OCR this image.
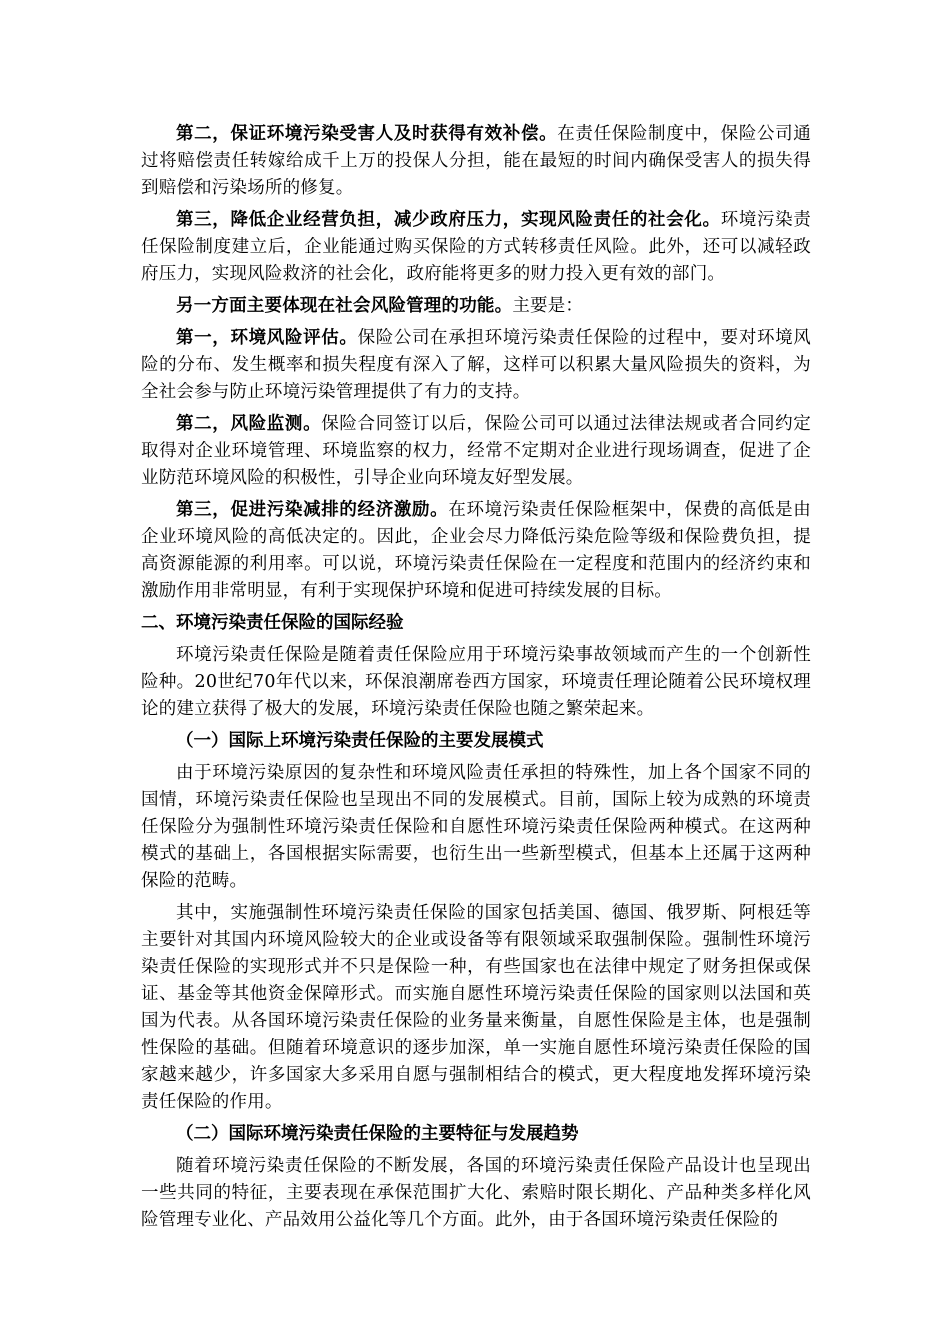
第二，保证环境污染受害人及时获得有效补偿。在责任保险制度中，保险公司通过将赔偿责任转嫁给成千上万的投保人分担，能在最短的时间内确保受害人的损失得到赔偿和污染场所的修复。

第三，降低企业经营负担，减少政府压力，实现风险责任的社会化。环境污染责任保险制度建立后，企业能通过购买保险的方式转移责任风险。此外，还可以减轻政府压力，实现风险救济的社会化，政府能将更多的财力投入更有效的部门。

另一方面主要体现在社会风险管理的功能。主要是：

第一，环境风险评估。保险公司在承担环境污染责任保险的过程中，要对环境风险的分布、发生概率和损失程度有深入了解，这样可以积累大量风险损失的资料，为全社会参与防止环境污染管理提供了有力的支持。

第二，风险监测。保险合同签订以后，保险公司可以通过法律法规或者合同约定取得对企业环境管理、环境监察的权力，经常不定期对企业进行现场调查，促进了企业防范环境风险的积极性，引导企业向环境友好型发展。

第三，促进污染减排的经济激励。在环境污染责任保险框架中，保费的高低是由企业环境风险的高低决定的。因此，企业会尽力降低污染危险等级和保险费负担，提高资源能源的利用率。可以说，环境污染责任保险在一定程度和范围内的经济约束和激励作用非常明显，有利于实现保护环境和促进可持续发展的目标。

二、环境污染责任保险的国际经验

环境污染责任保险是随着责任保险应用于环境污染事故领域而产生的一个创新性险种。20世纪70年代以来，环保浪潮席卷西方国家，环境责任理论随着公民环境权理论的建立获得了极大的发展，环境污染责任保险也随之繁荣起来。

（一）国际上环境污染责任保险的主要发展模式

由于环境污染原因的复杂性和环境风险责任承担的特殊性，加上各个国家不同的国情，环境污染责任保险也呈现出不同的发展模式。目前，国际上较为成熟的环境责任保险分为强制性环境污染责任保险和自愿性环境污染责任保险两种模式。在这两种模式的基础上，各国根据实际需要，也衍生出一些新型模式，但基本上还属于这两种保险的范畴。

其中，实施强制性环境污染责任保险的国家包括美国、德国、俄罗斯、阿根廷等主要针对其国内环境风险较大的企业或设备等有限领域采取强制保险。强制性环境污染责任保险的实现形式并不只是保险一种，有些国家也在法律中规定了财务担保或保证、基金等其他资金保障形式。而实施自愿性环境污染责任保险的国家则以法国和英国为代表。从各国环境污染责任保险的业务量来衡量，自愿性保险是主体，也是强制性保险的基础。但随着环境意识的逐步加深，单一实施自愿性环境污染责任保险的国家越来越少，许多国家大多采用自愿与强制相结合的模式，更大程度地发挥环境污染责任保险的作用。

（二）国际环境污染责任保险的主要特征与发展趋势

随着环境污染责任保险的不断发展，各国的环境污染责任保险产品设计也呈现出一些共同的特征，主要表现在承保范围扩大化、索赔时限长期化、产品种类多样化风险管理专业化、产品效用公益化等几个方面。此外，由于各国环境污染责任保险的
